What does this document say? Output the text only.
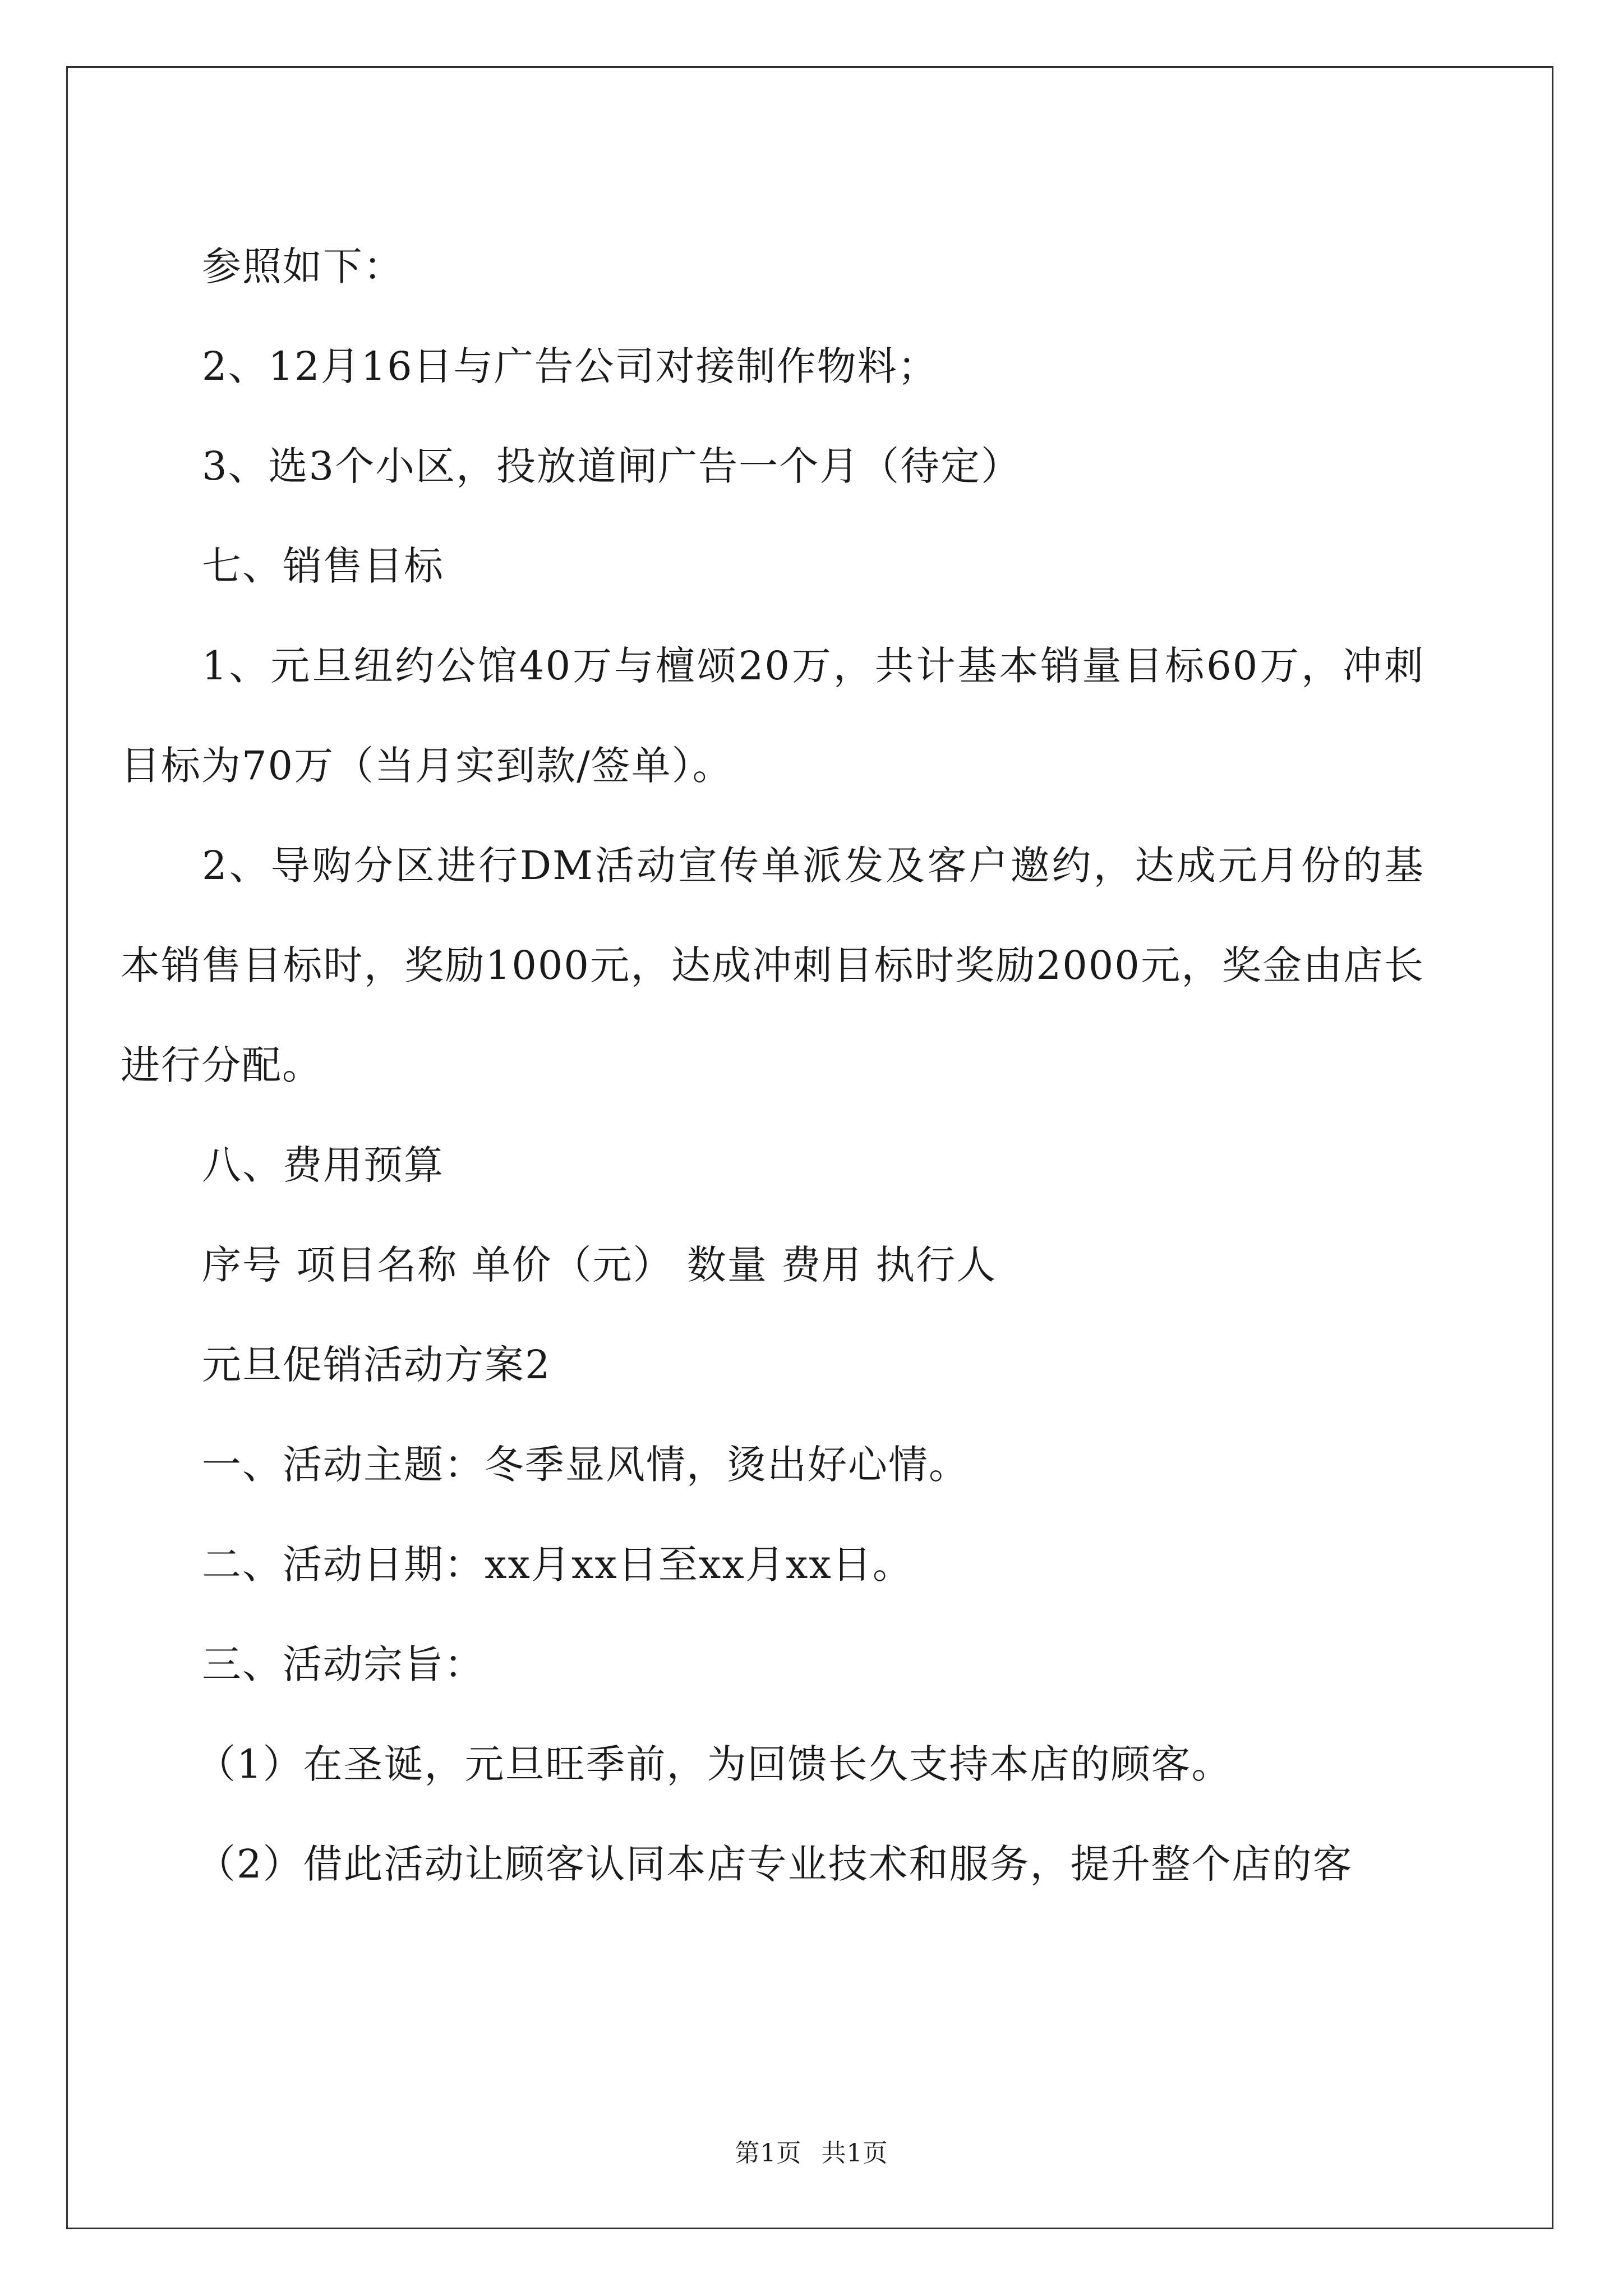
参照如下：

2、12月16日与广告公司对接制作物料；

3、选3个小区，投放道闸广告一个月（待定）

七、销售目标

1、元旦纽约公馆40万与檀颂20万，共计基本销量目标60万，冲刺目标为70万（当月实到款/签单）。

2、导购分区进行DM活动宣传单派发及客户邀约，达成元月份的基本销售目标时，奖励1000元，达成冲刺目标时奖励2000元，奖金由店长进行分配。

八、费用预算

序号 项目名称 单价（元） 数量 费用 执行人

元旦促销活动方案2

一、活动主题：冬季显风情，烫出好心情。

二、活动日期：xx月xx日至xx月xx日。

三、活动宗旨：

（1）在圣诞，元旦旺季前，为回馈长久支持本店的顾客。

（2）借此活动让顾客认同本店专业技术和服务，提升整个店的客

第1页 共1页
